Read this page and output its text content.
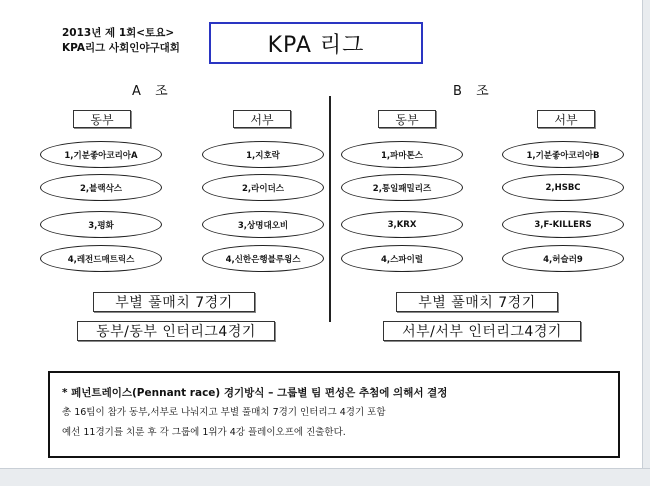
2013년 제 1회<토요>
KPA리그 사회인야구대회	KPA 리그
A  조	B  조
동부	서부	동부	서부
1,기분좋아코리아A
2,블랙삭스
3,평화
4,레전드매트릭스
1,지호락
2,라이더스
3,상명대오비
4,신한은행블루윙스
1,파마톤스
2,통일패밀리즈
3,KRX
4,스파이럴
1,기분좋아코리아B
2,HSBC
3,F-KILLERS
4,허슬러9
부별 풀매치 7경기
동부/동부 인터리그4경기
부별 풀매치 7경기
서부/서부 인터리그4경기
* 페넌트레이스(Pennant race) 경기방식 – 그룹별 팀 편성은 추첨에 의해서 결정
총 16팀이 참가 동부,서부로 나눠지고 부별 풀매치 7경기 인터리그 4경기 포함
예선 11경기를 치룬 후 각 그룹에 1위가 4강 플레이오프에 진출한다.
